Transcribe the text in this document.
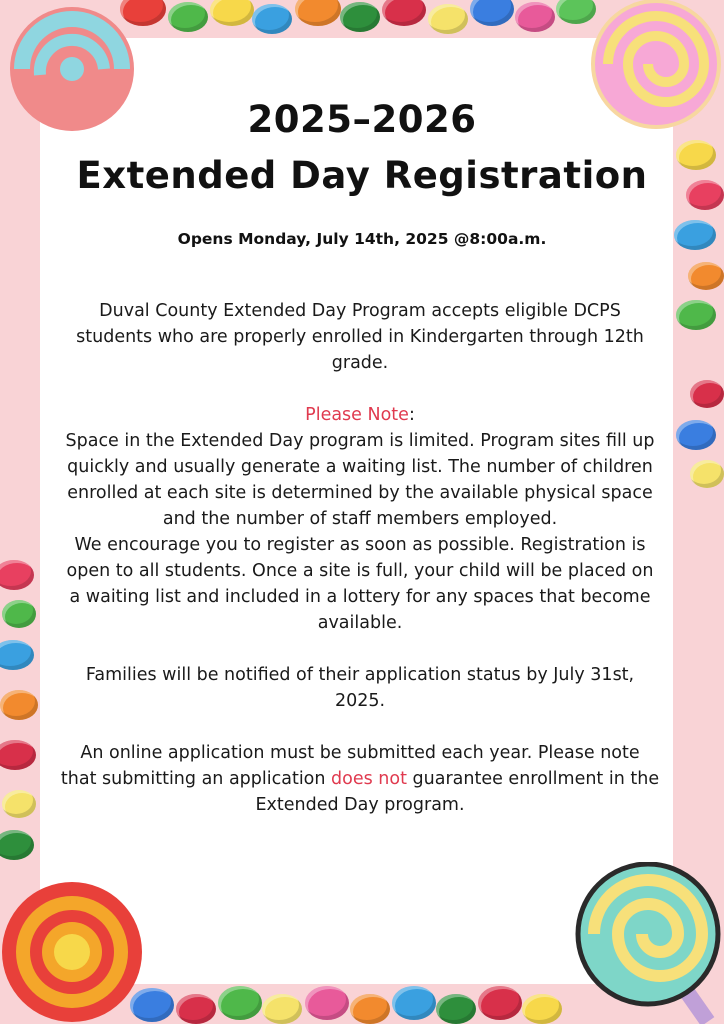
2025–2026
Extended Day Registration
Opens Monday, July 14th, 2025 @8:00a.m.

Duval County Extended Day Program accepts eligible DCPS students who are properly enrolled in Kindergarten through 12th grade.

Please Note:

Space in the Extended Day program is limited. Program sites fill up quickly and usually generate a waiting list. The number of children enrolled at each site is determined by the available physical space and the number of staff members employed.

We encourage you to register as soon as possible. Registration is open to all students. Once a site is full, your child will be placed on a waiting list and included in a lottery for any spaces that become available.

Families will be notified of their application status by July 31st, 2025.

An online application must be submitted each year. Please note that submitting an application does not guarantee enrollment in the Extended Day program.
